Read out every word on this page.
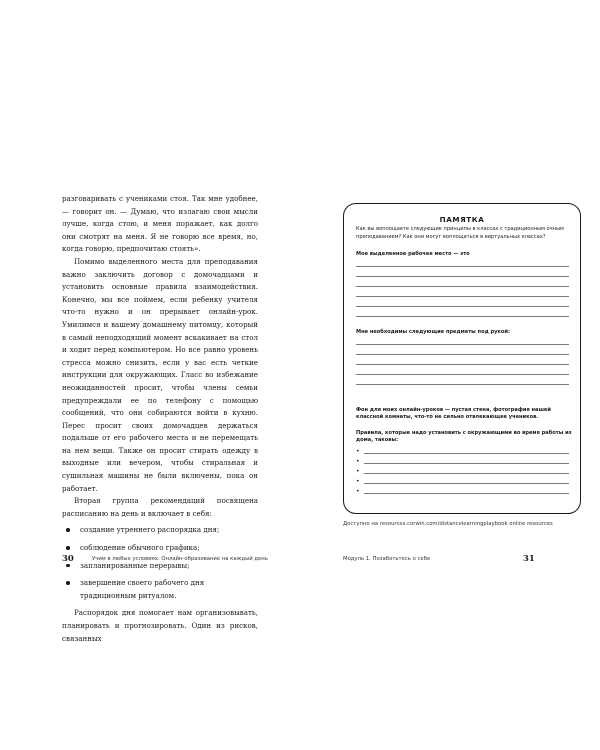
разговаривать с учениками стоя. Так мне удобнее, — говорит он. — Думаю, что излагаю свои мысли лучше, когда стою, и меня поражает, как долго они смотрят на меня. Я не говорю все время, но, когда говорю, предпочитаю стоять».

Помимо выделенного места для преподавания важно заключить договор с домочадцами и установить основные правила взаимодействия. Конечно, мы все поймем, если ребенку учителя что-то нужно и он прерывает онлайн-урок. Умилимся и вашему домашнему питомцу, который в самый неподходящий момент вскакивает на стол и ходит перед компьютером. Но все равно уровень стресса можно снизить, если у вас есть четкие инструкции для окружающих. Гласс во избежание неожиданностей просит, чтобы члены семьи предупреждали ее по телефону с помощью сообщений, что они собираются войти в кухню. Перес просит своих домочадцев держаться подальше от его рабочего места и не перемещать на нем вещи. Также он просит стирать одежду в выходные или вечером, чтобы стиральная и сушильная машины не были включены, пока он работает.

Вторая группа рекомендаций посвящена расписанию на день и включает в себя:

создание утреннего распорядка дня;
соблюдение обычного графика;
запланированные перерывы;
завершение своего рабочего дня традиционным ритуалом.

Распорядок дня помогает нам организовывать, планировать и прогнозировать. Один из рисков, связанных

30	Учим в любых условиях. Онлайн-образование на каждый день
ПАМЯТКА
Как вы воплощаете следующие принципы в классах с традиционным очным преподаванием? Как они могут воплощаться в виртуальных классах?
Мое выделенное рабочее место — это
Мне необходимы следующие предметы под рукой:
Фон для моих онлайн-уроков — пустая стена, фотография нашей классной комнаты, что-то не сильно отвлекающее учеников.
Правила, которые надо установить с окружающими во время работы из дома, таковы:
•
•
•
•
•
Доступно на resources.corwin.com/distancelearningplaybook online resources
Модуль 1. Позаботьтесь о себе	31
